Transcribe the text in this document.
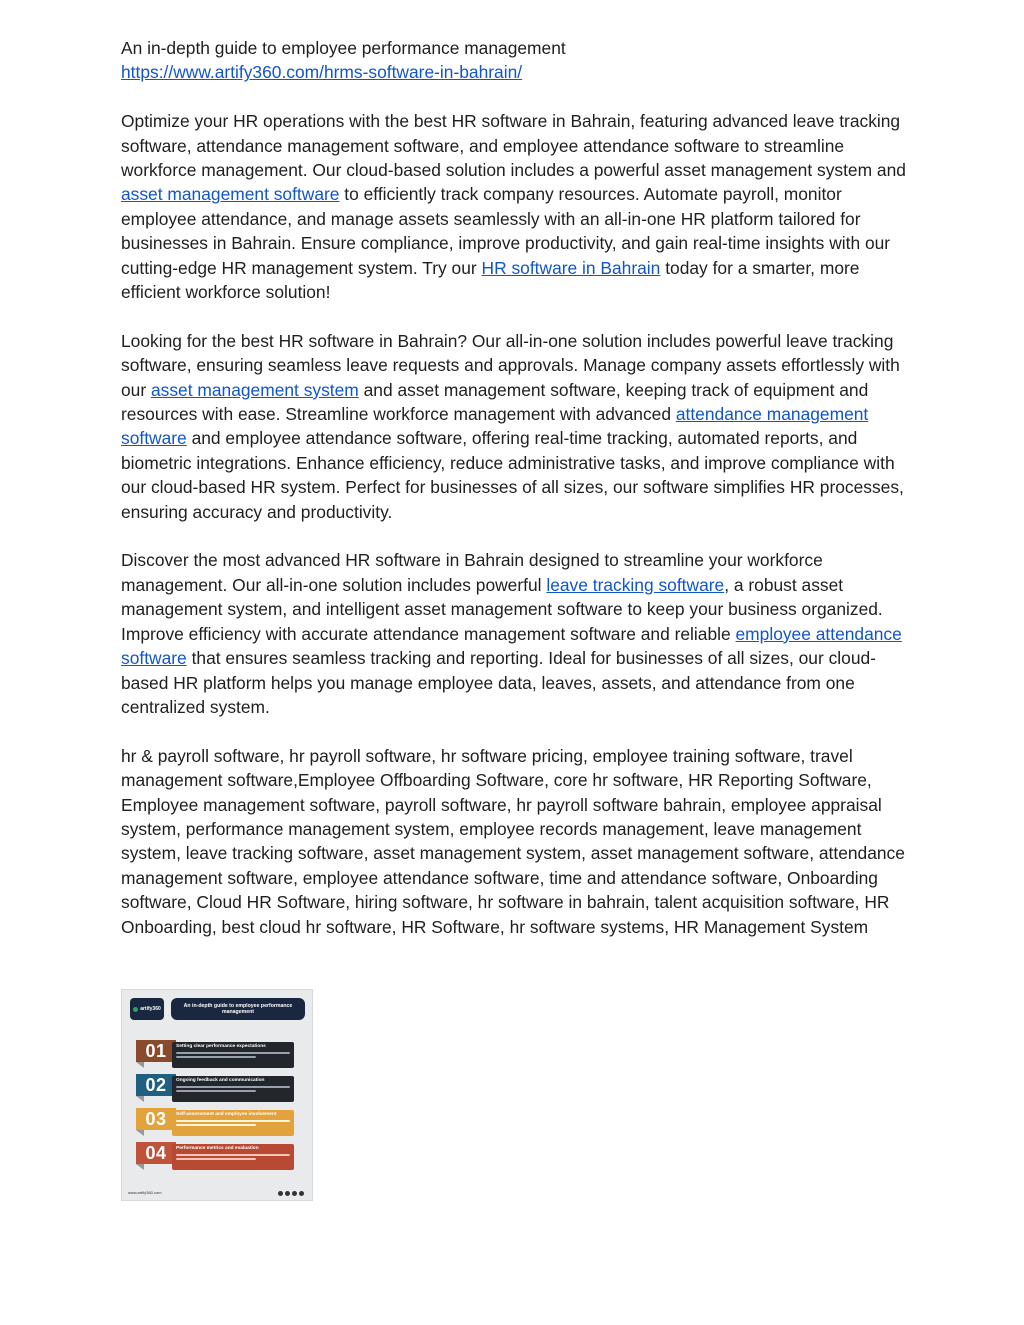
An in-depth guide to employee performance management

https://www.artify360.com/hrms-software-in-bahrain/

Optimize your HR operations with the best HR software in Bahrain, featuring advanced leave tracking software, attendance management software, and employee attendance software to streamline workforce management. Our cloud-based solution includes a powerful asset management system and asset management software to efficiently track company resources. Automate payroll, monitor employee attendance, and manage assets seamlessly with an all-in-one HR platform tailored for businesses in Bahrain. Ensure compliance, improve productivity, and gain real-time insights with our cutting-edge HR management system. Try our HR software in Bahrain today for a smarter, more efficient workforce solution!

Looking for the best HR software in Bahrain? Our all-in-one solution includes powerful leave tracking software, ensuring seamless leave requests and approvals. Manage company assets effortlessly with our asset management system and asset management software, keeping track of equipment and resources with ease. Streamline workforce management with advanced attendance management software and employee attendance software, offering real-time tracking, automated reports, and biometric integrations. Enhance efficiency, reduce administrative tasks, and improve compliance with our cloud-based HR system. Perfect for businesses of all sizes, our software simplifies HR processes, ensuring accuracy and productivity.

Discover the most advanced HR software in Bahrain designed to streamline your workforce management. Our all-in-one solution includes powerful leave tracking software, a robust asset management system, and intelligent asset management software to keep your business organized. Improve efficiency with accurate attendance management software and reliable employee attendance software that ensures seamless tracking and reporting. Ideal for businesses of all sizes, our cloud-based HR platform helps you manage employee data, leaves, assets, and attendance from one centralized system.

hr & payroll software, hr payroll software, hr software pricing, employee training software, travel management software,Employee Offboarding Software, core hr software, HR Reporting Software, Employee management software, payroll software, hr payroll software bahrain, employee appraisal system, performance management system, employee records management, leave management system, leave tracking software, asset management system, asset management software, attendance management software, employee attendance software, time and attendance software, Onboarding software, Cloud HR Software, hiring software, hr software in bahrain, talent acquisition software, HR Onboarding, best cloud hr software, HR Software, hr software systems, HR Management System

artify360
An in-depth guide to employee performance management
01	Setting clear performance expectations
02	Ongoing feedback and communication
03	Self-assessment and employee involvement
04	Performance metrics and evaluation
www.artify360.com
